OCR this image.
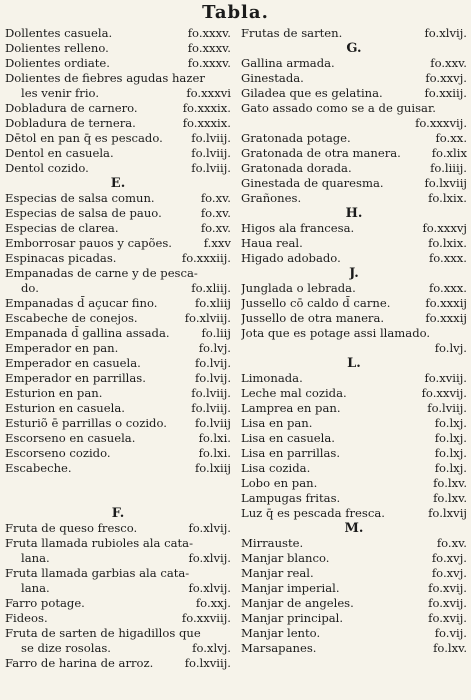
Tabla.
Dollentes casuela.	fo.xxxv.
Dolientes relleno.	fo.xxxv.
Dolientes ordiate.	fo.xxxv.
Dolientes de fiebres agudas hazer
les venir frio.	fo.xxxvi
Dobladura de carnero.	fo.xxxix.
Dobladura de ternera.	fo.xxxix.
Dētol en pan q̄ es pescado.	fo.lviij.
Dentol en casuela.	fo.lviij.
Dentol cozido.	fo.lviij.
E.
Especias de salsa comun.	fo.xv.
Especias de salsa de pauo.	fo.xv.
Especias de clarea.	fo.xv.
Emborrosar pauos y capões.	f.xxv
Espinacas picadas.	fo.xxxiij.
Empanadas de carne y de pesca-
do.	fo.xliij.
Empanadas d̄ açucar fino.	fo.xliij
Escabeche de conejos.	fo.xlviij.
Empanada d̄ gallina assada.	fo.liij
Emperador en pan.	fo.lvj.
Emperador en casuela.	fo.lvij.
Emperador en parrillas.	fo.lvij.
Esturion en pan.	fo.lviij.
Esturion en casuela.	fo.lviij.
Esturiõ ē parrillas o cozido.	fo.lviij
Escorseno en casuela.	fo.lxi.
Escorseno cozido.	fo.lxi.
Escabeche.	fo.lxiij
F.
Fruta de queso fresco.	fo.xlvij.
Fruta llamada rubioles ala cata-
lana.	fo.xlvij.
Fruta llamada garbias ala cata-
lana.	fo.xlvij.
Farro potage.	fo.xxj.
Fideos.	fo.xxviij.
Fruta de sarten de higadillos que
se dize rosolas.	fo.xlvj.
Farro de harina de arroz.	fo.lxviij.
Frutas de sarten.	fo.xlvij.
G.
Gallina armada.	fo.xxv.
Ginestada.	fo.xxvj.
Giladea que es gelatina.	fo.xxiij.
Gato assado como se a de guisar.
fo.xxxvij.
Gratonada potage.	fo.xx.
Gratonada de otra manera.	fo.xlix
Gratonada dorada.	fo.liiij.
Ginestada de quaresma.	fo.lxviij
Grañones.	fo.lxix.
H.
Higos ala francesa.	fo.xxxvj
Haua real.	fo.lxix.
Higado adobado.	fo.xxx.
J.
Junglada o lebrada.	fo.xxx.
Jussello cō caldo d̄ carne.	fo.xxxij
Jussello de otra manera.	fo.xxxij
Jota que es potage assi llamado.
fo.lvj.
L.
Limonada.	fo.xviij.
Leche mal cozida.	fo.xxvij.
Lamprea en pan.	fo.lviij.
Lisa en pan.	fo.lxj.
Lisa en casuela.	fo.lxj.
Lisa en parrillas.	fo.lxj.
Lisa cozida.	fo.lxj.
Lobo en pan.	fo.lxv.
Lampugas fritas.	fo.lxv.
Luz q̄ es pescada fresca.	fo.lxvij
M.
Mirrauste.	fo.xv.
Manjar blanco.	fo.xvj.
Manjar real.	fo.xvj.
Manjar imperial.	fo.xvij.
Manjar de angeles.	fo.xvij.
Manjar principal.	fo.xvij.
Manjar lento.	fo.vij.
Marsapanes.	fo.lxv.
